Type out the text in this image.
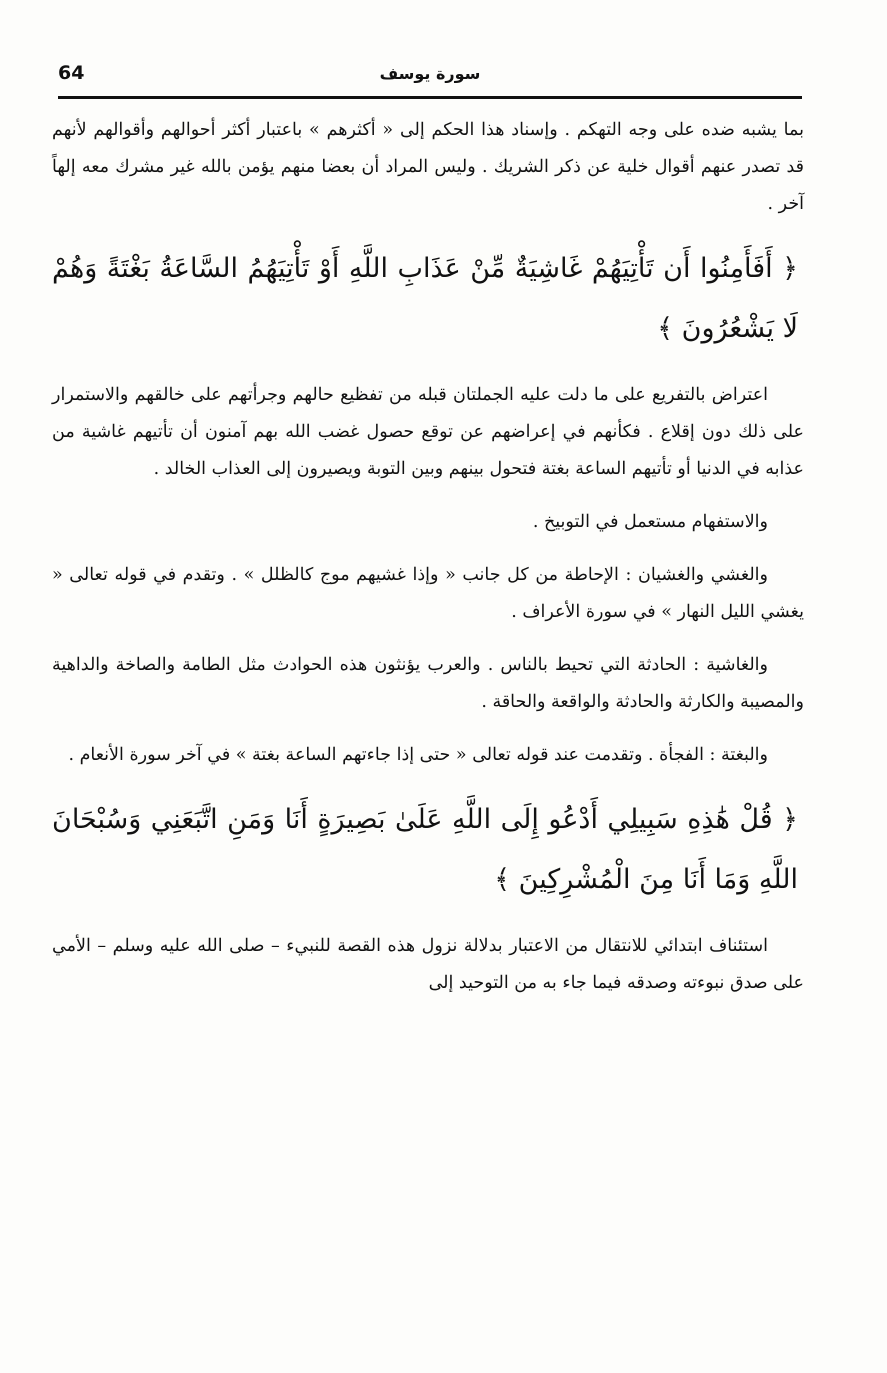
64	سورة يوسف

بما يشبه ضده على وجه التهكم . وإسناد هذا الحكم إلى « أكثرهم » باعتبار أكثر أحوالهم وأقوالهم لأنهم قد تصدر عنهم أقوال خلية عن ذكر الشريك . وليس المراد أن بعضا منهم يؤمن بالله غير مشرك معه إلهاً آخر .

﴿ أَفَأَمِنُوا أَن تَأْتِيَهُمْ غَاشِيَةٌ مِّنْ عَذَابِ اللَّهِ أَوْ تَأْتِيَهُمُ السَّاعَةُ بَغْتَةً وَهُمْ لَا يَشْعُرُونَ ﴾

اعتراض بالتفريع على ما دلت عليه الجملتان قبله من تفظيع حالهم وجرأتهم على خالقهم والاستمرار على ذلك دون إقلاع . فكأنهم في إعراضهم عن توقع حصول غضب الله بهم آمنون أن تأتيهم غاشية من عذابه في الدنيا أو تأتيهم الساعة بغتة فتحول بينهم وبين التوبة ويصيرون إلى العذاب الخالد .

والاستفهام مستعمل في التوبيخ .

والغشي والغشيان : الإحاطة من كل جانب « وإذا غشيهم موج كالظلل » . وتقدم في قوله تعالى « يغشي الليل النهار » في سورة الأعراف .

والغاشية : الحادثة التي تحيط بالناس . والعرب يؤنثون هذه الحوادث مثل الطامة والصاخة والداهية والمصيبة والكارثة والحادثة والواقعة والحاقة .

والبغتة : الفجأة . وتقدمت عند قوله تعالى « حتى إذا جاءتهم الساعة بغتة » في آخر سورة الأنعام .

﴿ قُلْ هَٰذِهِ سَبِيلِي أَدْعُو إِلَى اللَّهِ عَلَىٰ بَصِيرَةٍ أَنَا وَمَنِ اتَّبَعَنِي وَسُبْحَانَ اللَّهِ وَمَا أَنَا مِنَ الْمُشْرِكِينَ ﴾

استئناف ابتدائي للانتقال من الاعتبار بدلالة نزول هذه القصة للنبيء – صلى الله عليه وسلم – الأمي على صدق نبوءته وصدقه فيما جاء به من التوحيد إلى
